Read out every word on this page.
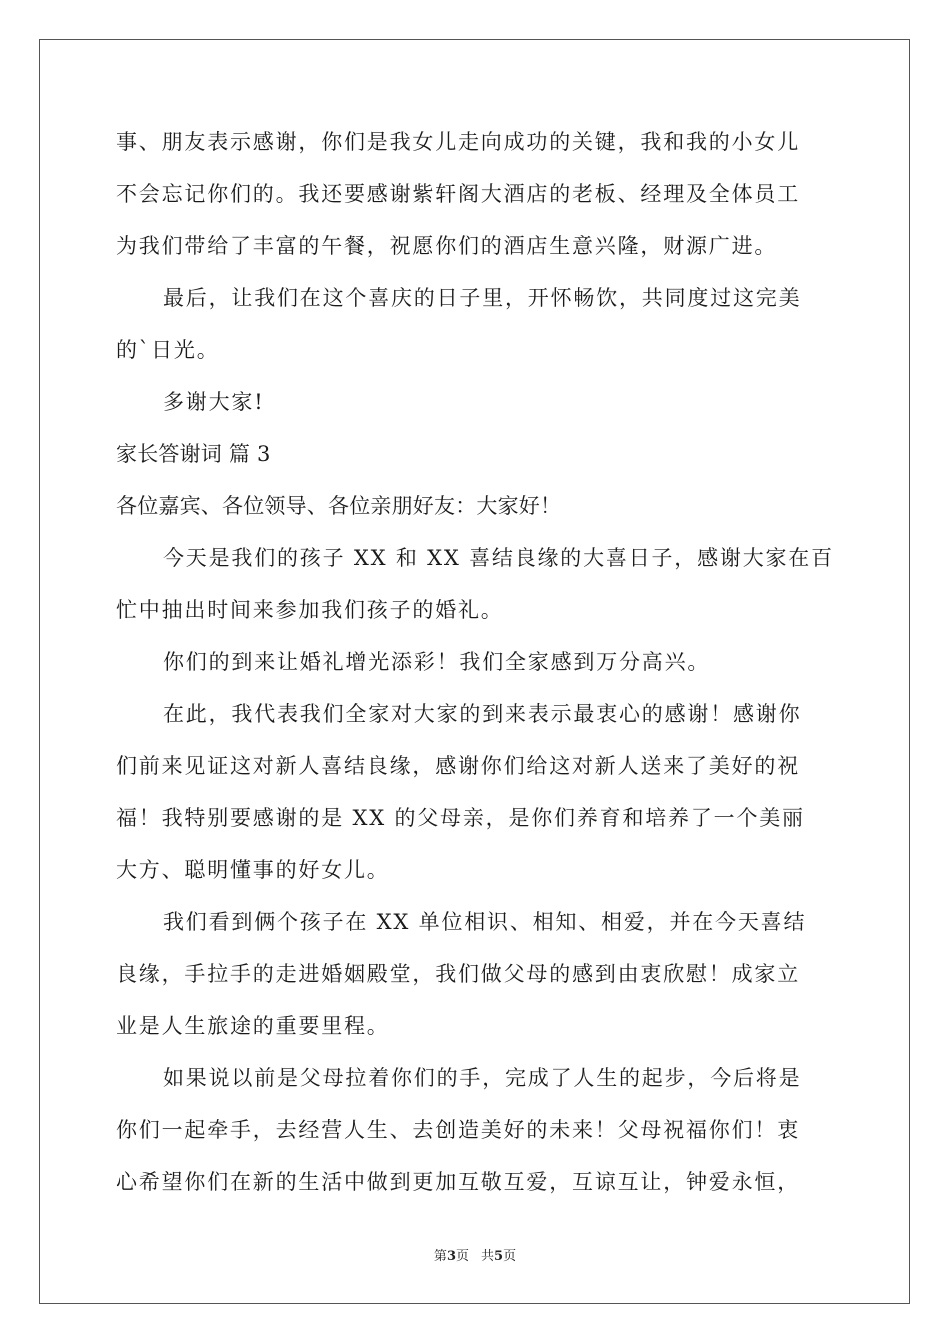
事、朋友表示感谢，你们是我女儿走向成功的关键，我和我的小女儿
不会忘记你们的。我还要感谢紫轩阁大酒店的老板、经理及全体员工
为我们带给了丰富的午餐，祝愿你们的酒店生意兴隆，财源广进。
最后，让我们在这个喜庆的日子里，开怀畅饮，共同度过这完美
的`日光。
多谢大家!
家长答谢词 篇 3
各位嘉宾、各位领导、各位亲朋好友：大家好！
今天是我们的孩子 XX 和 XX 喜结良缘的大喜日子，感谢大家在百
忙中抽出时间来参加我们孩子的婚礼。
你们的到来让婚礼增光添彩！我们全家感到万分高兴。
在此，我代表我们全家对大家的到来表示最衷心的感谢！感谢你
们前来见证这对新人喜结良缘，感谢你们给这对新人送来了美好的祝
福！我特别要感谢的是 XX 的父母亲，是你们养育和培养了一个美丽
大方、聪明懂事的好女儿。
我们看到俩个孩子在 XX 单位相识、相知、相爱，并在今天喜结
良缘，手拉手的走进婚姻殿堂，我们做父母的感到由衷欣慰！成家立
业是人生旅途的重要里程。
如果说以前是父母拉着你们的手，完成了人生的起步，今后将是
你们一起牵手，去经营人生、去创造美好的未来！父母祝福你们！衷
心希望你们在新的生活中做到更加互敬互爱，互谅互让，钟爱永恒，
第3页 共5页
